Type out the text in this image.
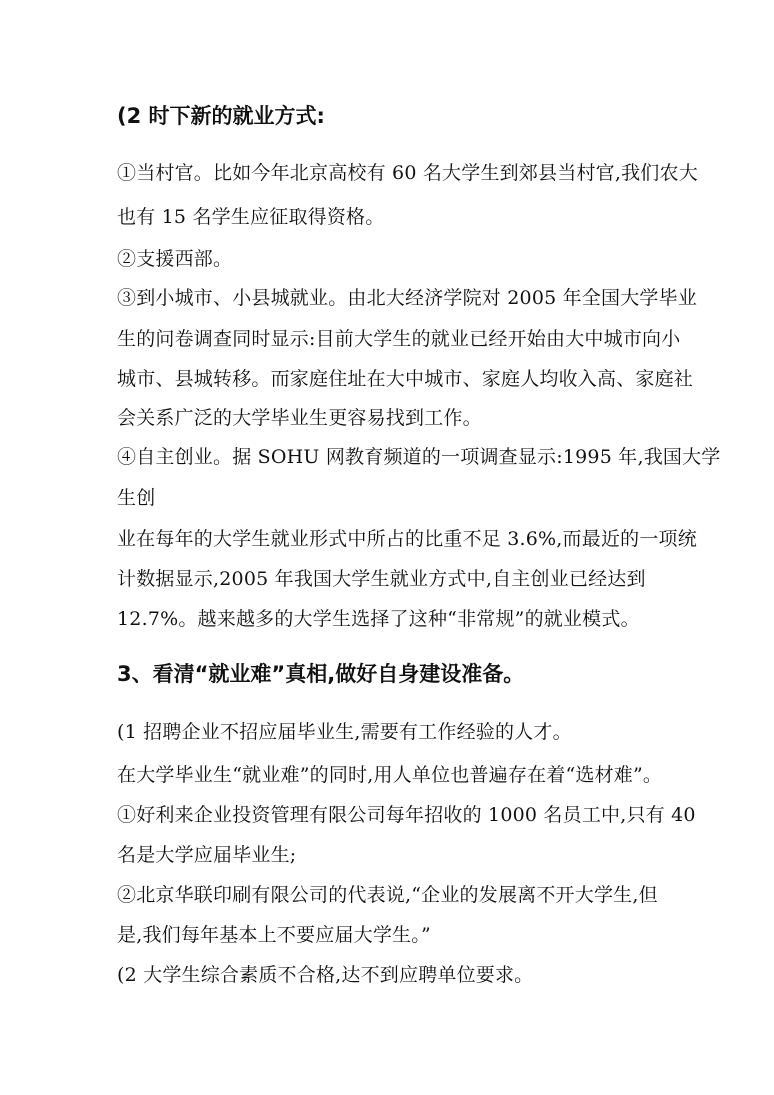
(2 时下新的就业方式:
①当村官。比如今年北京高校有 60 名大学生到郊县当村官,我们农大
也有 15 名学生应征取得资格。
②支援西部。
③到小城市、小县城就业。由北大经济学院对 2005 年全国大学毕业
生的问卷调查同时显示:目前大学生的就业已经开始由大中城市向小
城市、县城转移。而家庭住址在大中城市、家庭人均收入高、家庭社
会关系广泛的大学毕业生更容易找到工作。
④自主创业。据 SOHU 网教育频道的一项调查显示:1995 年,我国大学
生创
业在每年的大学生就业形式中所占的比重不足 3.6%,而最近的一项统
计数据显示,2005 年我国大学生就业方式中,自主创业已经达到
12.7%。越来越多的大学生选择了这种“非常规”的就业模式。
3、看清“就业难”真相,做好自身建设准备。
(1 招聘企业不招应届毕业生,需要有工作经验的人才。
在大学毕业生“就业难”的同时,用人单位也普遍存在着“选材难”。
①好利来企业投资管理有限公司每年招收的 1000 名员工中,只有 40
名是大学应届毕业生;
②北京华联印刷有限公司的代表说,“企业的发展离不开大学生,但
是,我们每年基本上不要应届大学生。”
(2 大学生综合素质不合格,达不到应聘单位要求。
